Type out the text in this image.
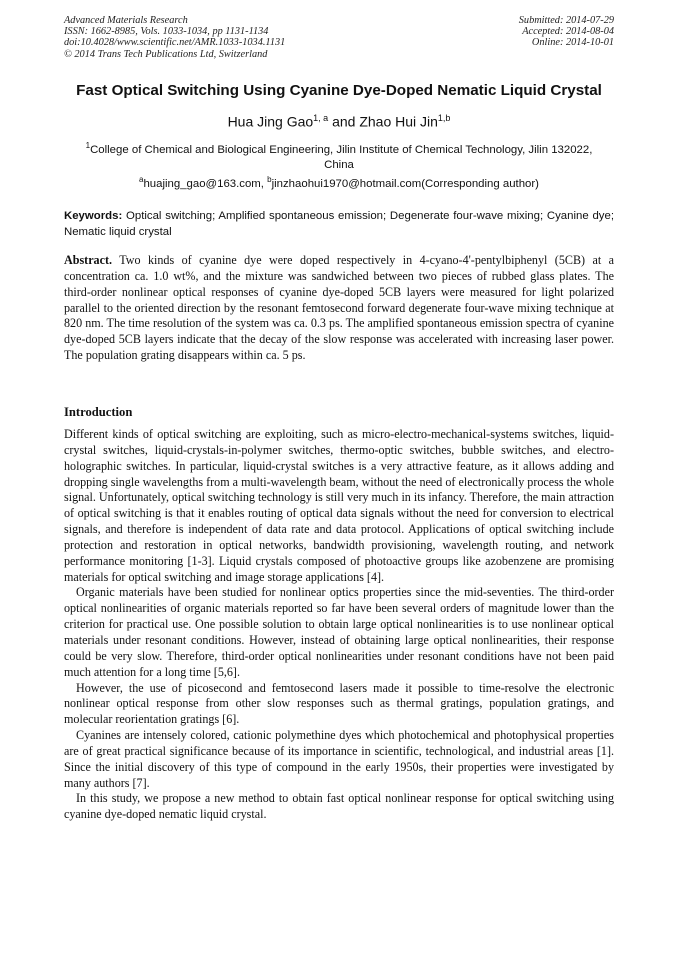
Advanced Materials Research
ISSN: 1662-8985, Vols. 1033-1034, pp 1131-1134
doi:10.4028/www.scientific.net/AMR.1033-1034.1131
© 2014 Trans Tech Publications Ltd, Switzerland
Submitted: 2014-07-29
Accepted: 2014-08-04
Online: 2014-10-01
Fast Optical Switching Using Cyanine Dye-Doped Nematic Liquid Crystal
Hua Jing Gao$^{1, a}$ and Zhao Hui Jin$^{1,b}$
$^1$College of Chemical and Biological Engineering, Jilin Institute of Chemical Technology, Jilin 132022, China
$^a$huajing_gao@163.com, $^b$jinzhaohui1970@hotmail.com(Corresponding author)
Keywords: Optical switching; Amplified spontaneous emission; Degenerate four-wave mixing; Cyanine dye; Nematic liquid crystal
Abstract. Two kinds of cyanine dye were doped respectively in 4-cyano-4'-pentylbiphenyl (5CB) at a concentration ca. 1.0 wt%, and the mixture was sandwiched between two pieces of rubbed glass plates. The third-order nonlinear optical responses of cyanine dye-doped 5CB layers were measured for light polarized parallel to the oriented direction by the resonant femtosecond forward degenerate four-wave mixing technique at 820 nm. The time resolution of the system was ca. 0.3 ps. The amplified spontaneous emission spectra of cyanine dye-doped 5CB layers indicate that the decay of the slow response was accelerated with increasing laser power. The population grating disappears within ca. 5 ps.
Introduction

Different kinds of optical switching are exploiting, such as micro-electro-mechanical-systems switches, liquid-crystal switches, liquid-crystals-in-polymer switches, thermo-optic switches, bubble switches, and electro-holographic switches. In particular, liquid-crystal switches is a very attractive feature, as it allows adding and dropping single wavelengths from a multi-wavelength beam, without the need of electronically process the whole signal. Unfortunately, optical switching technology is still very much in its infancy. Therefore, the main attraction of optical switching is that it enables routing of optical data signals without the need for conversion to electrical signals, and therefore is independent of data rate and data protocol. Applications of optical switching include protection and restoration in optical networks, bandwidth provisioning, wavelength routing, and network performance monitoring [1-3]. Liquid crystals composed of photoactive groups like azobenzene are promising materials for optical switching and image storage applications [4].

Organic materials have been studied for nonlinear optics properties since the mid-seventies. The third-order optical nonlinearities of organic materials reported so far have been several orders of magnitude lower than the criterion for practical use. One possible solution to obtain large optical nonlinearities is to use nonlinear optical materials under resonant conditions. However, instead of obtaining large optical nonlinearities, their response could be very slow. Therefore, third-order optical nonlinearities under resonant conditions have not been paid much attention for a long time [5,6].

However, the use of picosecond and femtosecond lasers made it possible to time-resolve the electronic nonlinear optical response from other slow responses such as thermal gratings, population gratings, and molecular reorientation gratings [6].

Cyanines are intensely colored, cationic polymethine dyes which photochemical and photophysical properties are of great practical significance because of its importance in scientific, technological, and industrial areas [1]. Since the initial discovery of this type of compound in the early 1950s, their properties were investigated by many authors [7].

In this study, we propose a new method to obtain fast optical nonlinear response for optical switching using cyanine dye-doped nematic liquid crystal.
